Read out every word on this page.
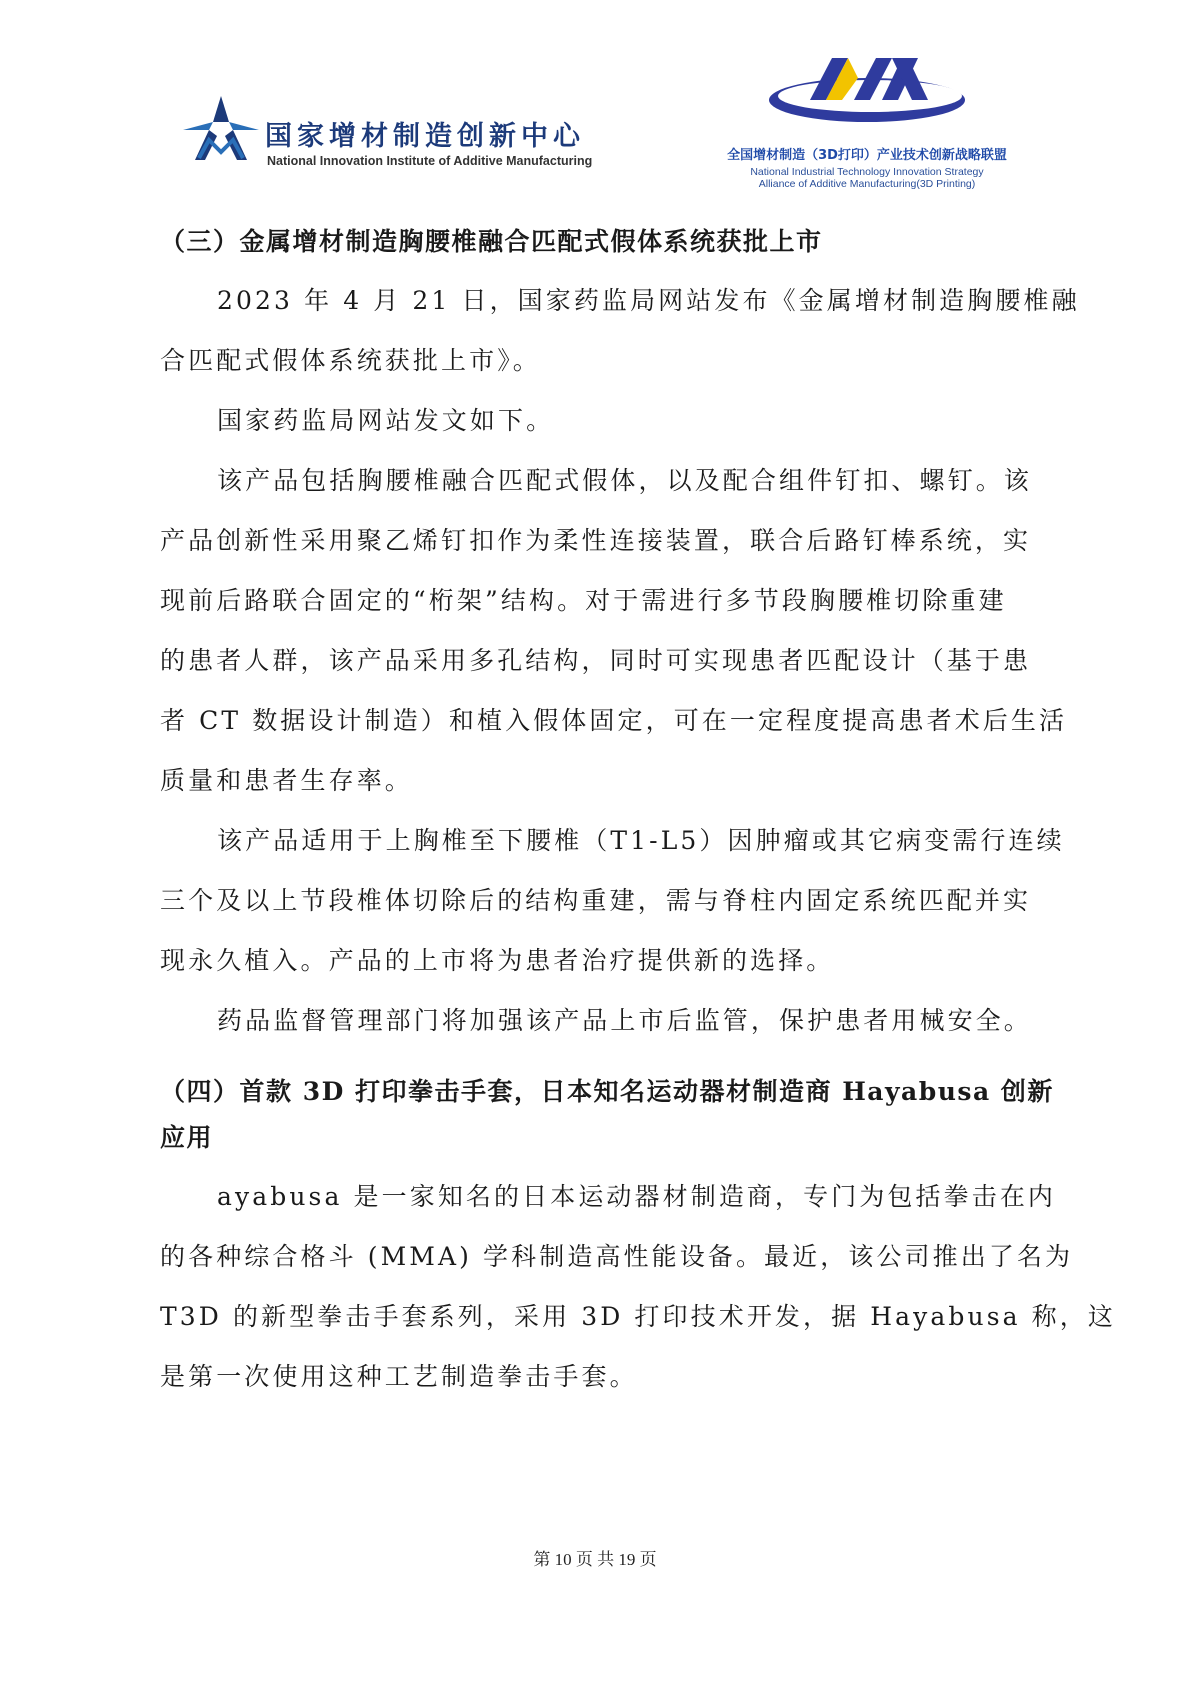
国家增材制造创新中心
National Innovation Institute of Additive Manufacturing	全国增材制造（3D打印）产业技术创新战略联盟
National Industrial Technology Innovation Strategy
Alliance of Additive Manufacturing(3D Printing)
（三）金属增材制造胸腰椎融合匹配式假体系统获批上市
2023 年 4 月 21 日，国家药监局网站发布《金属增材制造胸腰椎融
合匹配式假体系统获批上市》。
国家药监局网站发文如下。
该产品包括胸腰椎融合匹配式假体，以及配合组件钉扣、螺钉。该
产品创新性采用聚乙烯钉扣作为柔性连接装置，联合后路钉棒系统，实
现前后路联合固定的“桁架”结构。对于需进行多节段胸腰椎切除重建
的患者人群，该产品采用多孔结构，同时可实现患者匹配设计（基于患
者 CT 数据设计制造）和植入假体固定，可在一定程度提高患者术后生活
质量和患者生存率。
该产品适用于上胸椎至下腰椎（T1-L5）因肿瘤或其它病变需行连续
三个及以上节段椎体切除后的结构重建，需与脊柱内固定系统匹配并实
现永久植入。产品的上市将为患者治疗提供新的选择。
药品监督管理部门将加强该产品上市后监管，保护患者用械安全。
（四）首款 3D 打印拳击手套，日本知名运动器材制造商 Hayabusa 创新
应用
ayabusa 是一家知名的日本运动器材制造商，专门为包括拳击在内
的各种综合格斗 (MMA) 学科制造高性能设备。最近，该公司推出了名为
T3D 的新型拳击手套系列，采用 3D 打印技术开发，据 Hayabusa 称，这
是第一次使用这种工艺制造拳击手套。
第 10 页 共 19 页
